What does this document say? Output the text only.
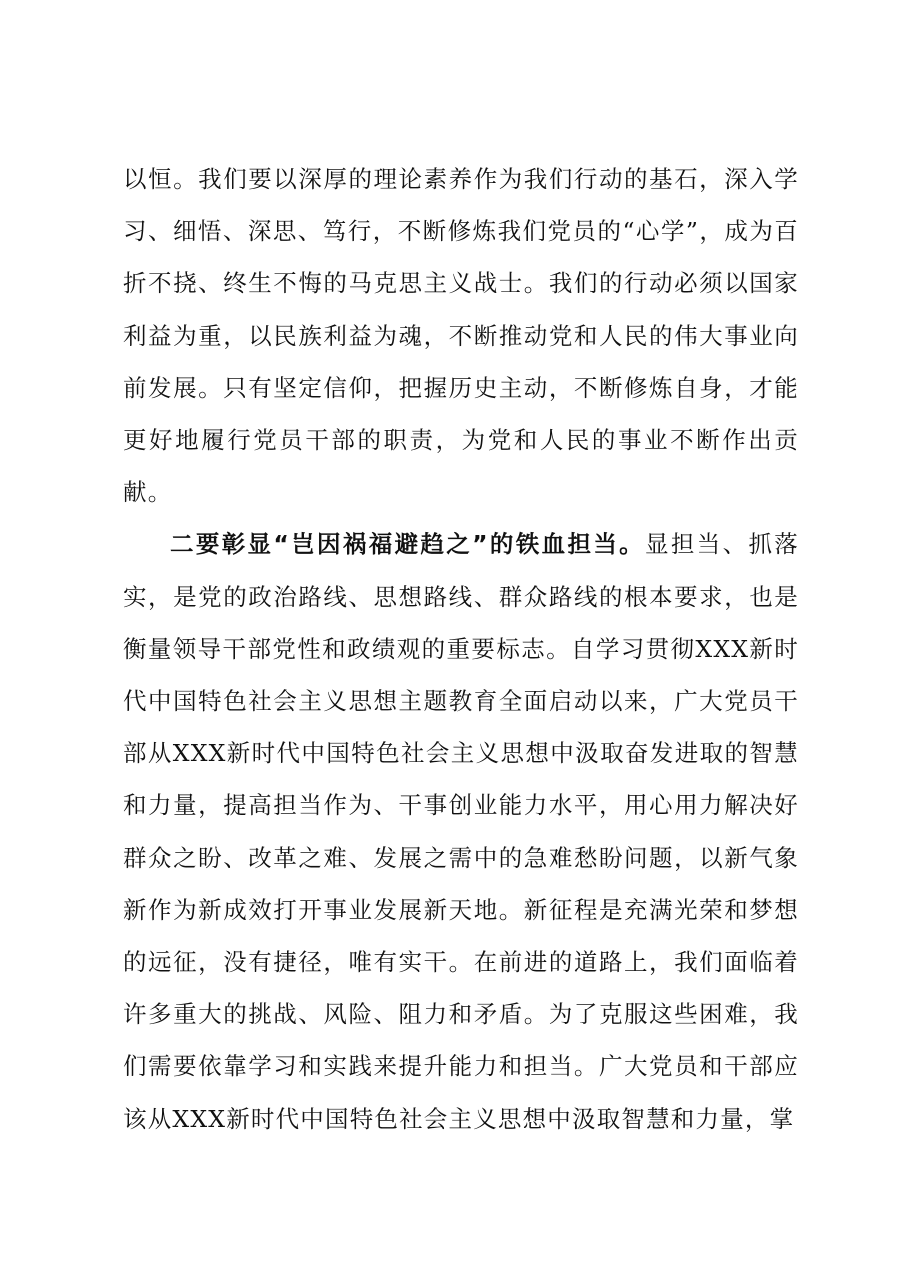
以恒。我们要以深厚的理论素养作为我们行动的基石，深入学习、细悟、深思、笃行，不断修炼我们党员的“心学”，成为百折不挠、终生不悔的马克思主义战士。我们的行动必须以国家利益为重，以民族利益为魂，不断推动党和人民的伟大事业向前发展。只有坚定信仰，把握历史主动，不断修炼自身，才能更好地履行党员干部的职责，为党和人民的事业不断作出贡献。

二要彰显“岂因祸福避趋之”的铁血担当。显担当、抓落实，是党的政治路线、思想路线、群众路线的根本要求，也是衡量领导干部党性和政绩观的重要标志。自学习贯彻XXX新时代中国特色社会主义思想主题教育全面启动以来，广大党员干部从XXX新时代中国特色社会主义思想中汲取奋发进取的智慧和力量，提高担当作为、干事创业能力水平，用心用力解决好群众之盼、改革之难、发展之需中的急难愁盼问题，以新气象新作为新成效打开事业发展新天地。新征程是充满光荣和梦想的远征，没有捷径，唯有实干。在前进的道路上，我们面临着许多重大的挑战、风险、阻力和矛盾。为了克服这些困难，我们需要依靠学习和实践来提升能力和担当。广大党员和干部应该从XXX新时代中国特色社会主义思想中汲取智慧和力量，掌
